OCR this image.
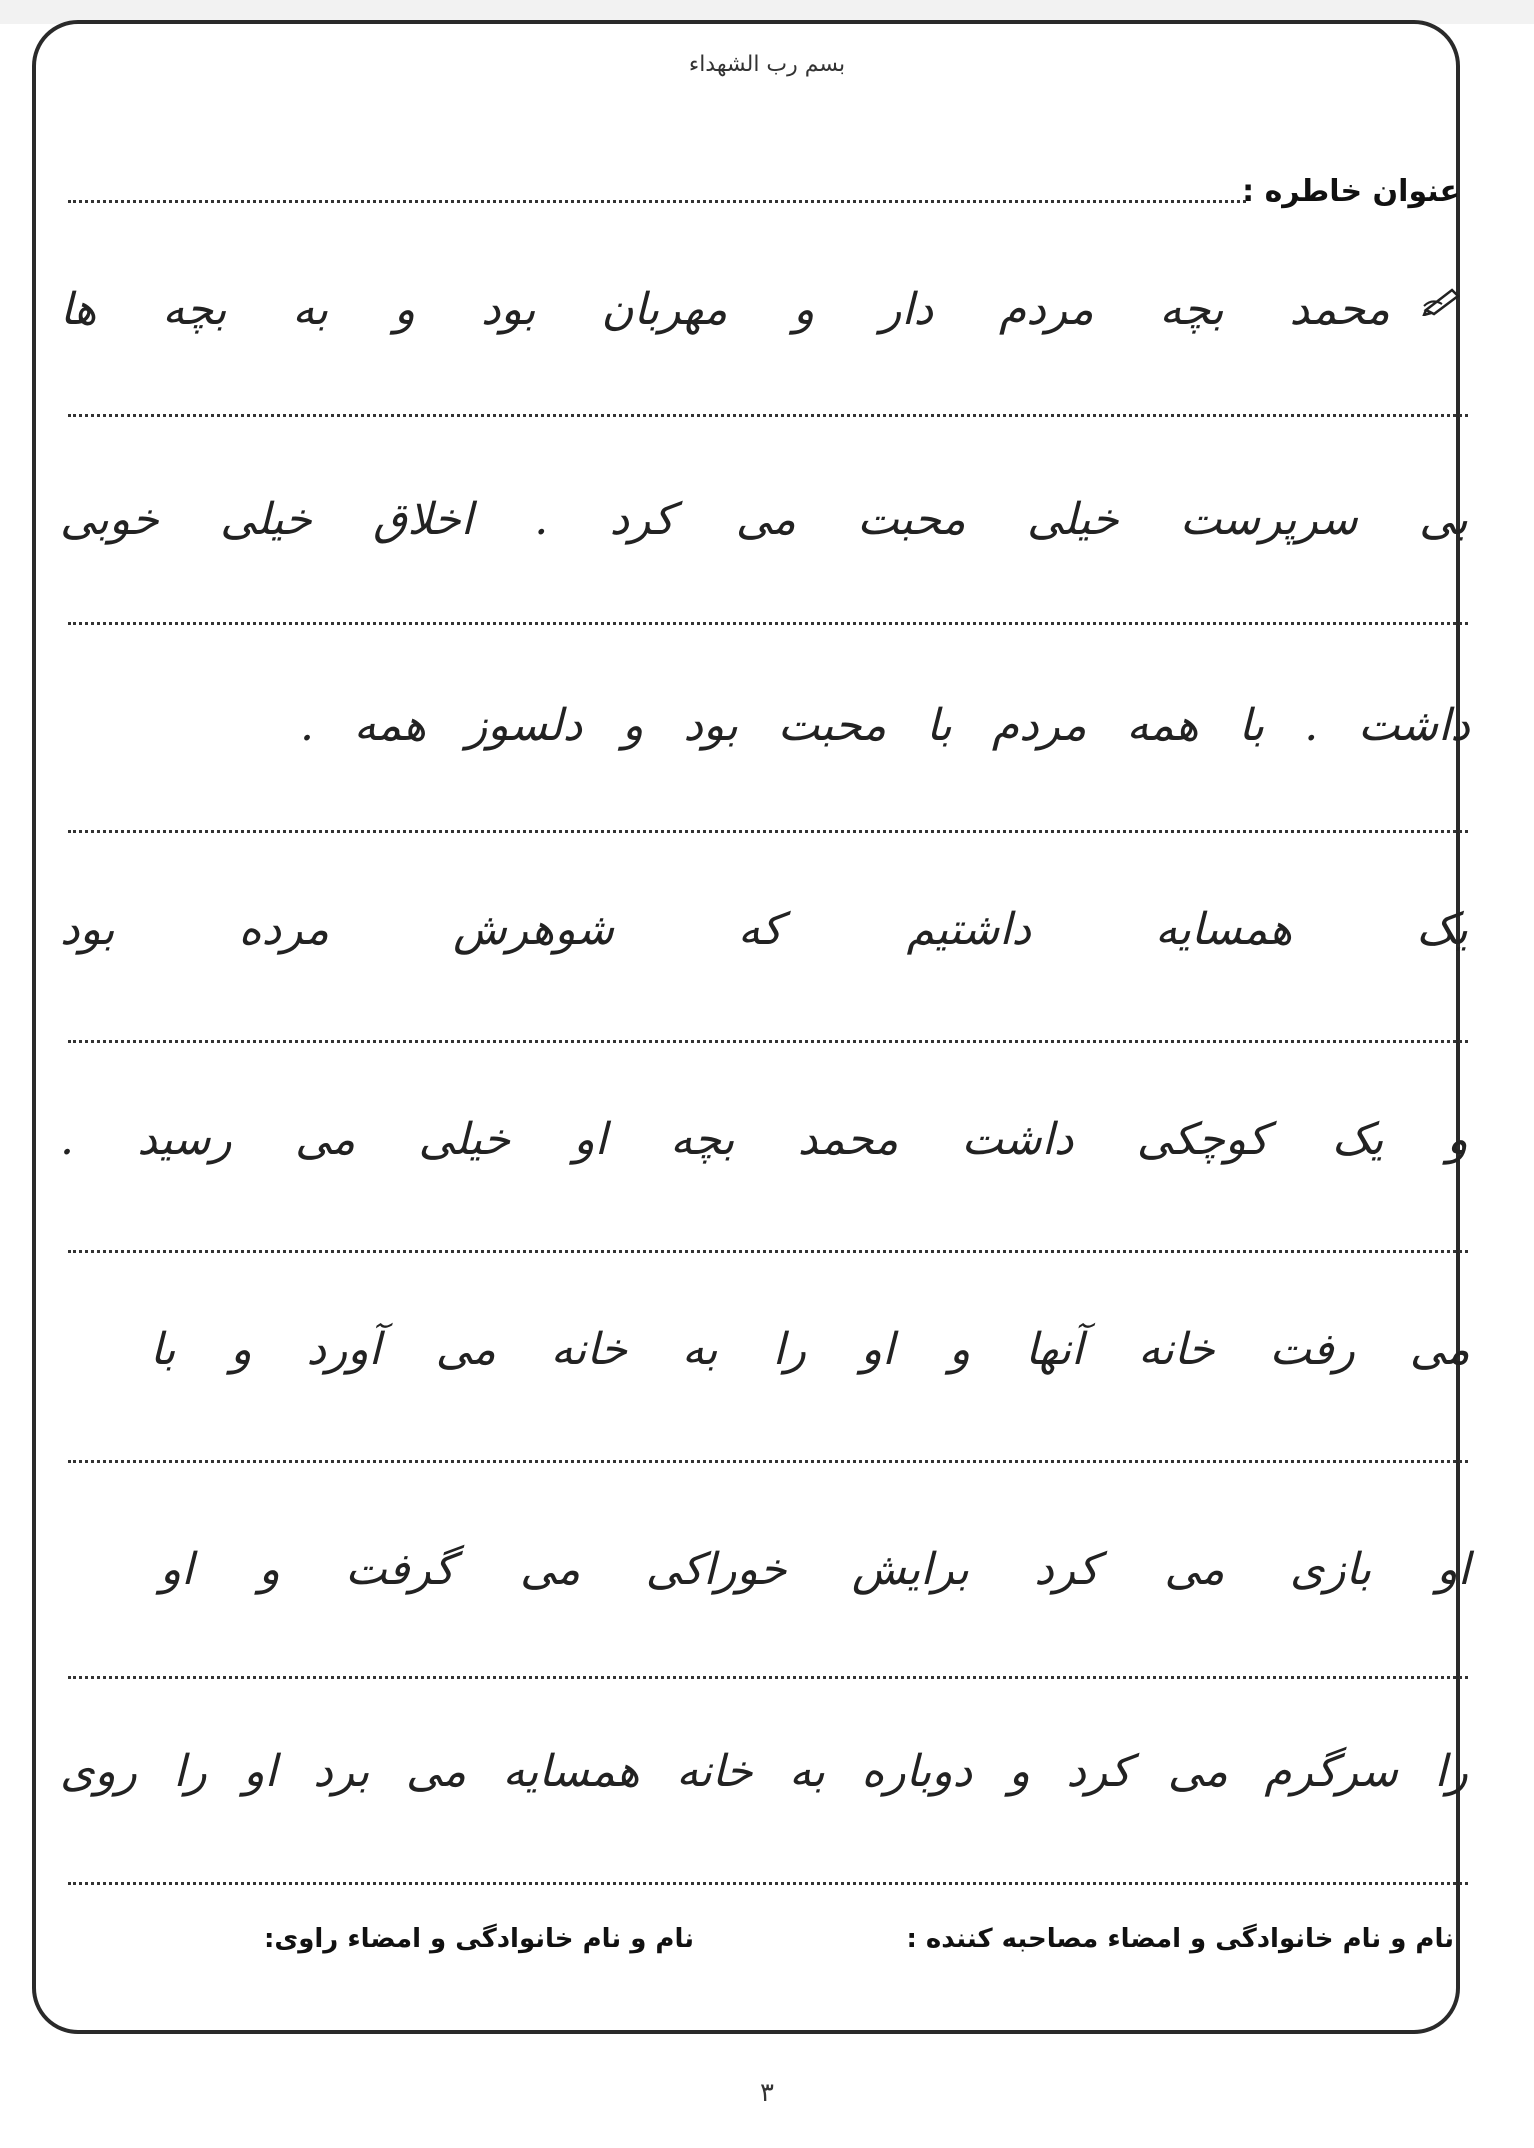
بسم رب الشهداء
عنوان خاطره :
محمد بچه مردم دار و مهربان بود و به بچه ها
بی سرپرست خیلی محبت می کرد . اخلاق خیلی خوبی
داشت . با همه مردم با محبت بود و دلسوز همه .
یک همسایه داشتیم که شوهرش مرده بود
و یک کوچکی داشت محمد بچه او خیلی می رسید .
می رفت خانه آنها و او را به خانه می آورد و با
او بازی می کرد برایش خوراکی می گرفت و او
را سرگرم می کرد و دوباره به خانه همسایه می برد او را روی
نام و نام خانوادگی و امضاء مصاحبه کننده :
نام و نام خانوادگی و امضاء راوی:
۳
